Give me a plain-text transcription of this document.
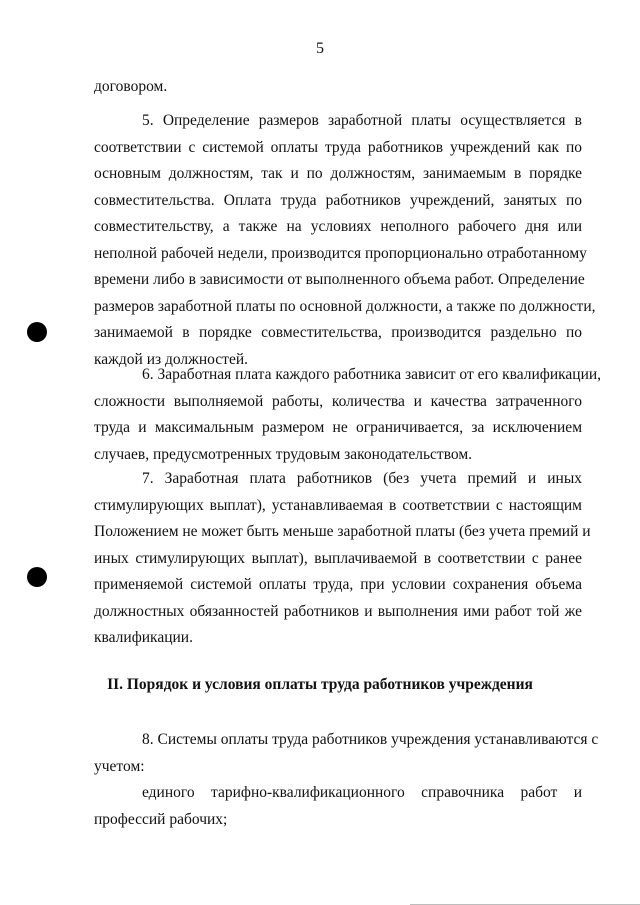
5
договором.
5. Определение размеров заработной платы осуществляется в
соответствии с системой оплаты труда работников учреждений как по
основным должностям, так и по должностям, занимаемым в порядке
совместительства. Оплата труда работников учреждений, занятых по
совместительству, а также на условиях неполного рабочего дня или
неполной рабочей недели, производится пропорционально отработанному
времени либо в зависимости от выполненного объема работ. Определение
размеров заработной платы по основной должности, а также по должности,
занимаемой в порядке совместительства, производится раздельно по
каждой из должностей.
6. Заработная плата каждого работника зависит от его квалификации,
сложности выполняемой работы, количества и качества затраченного
труда и максимальным размером не ограничивается, за исключением
случаев, предусмотренных трудовым законодательством.
7. Заработная плата работников (без учета премий и иных
стимулирующих выплат), устанавливаемая в соответствии с настоящим
Положением не может быть меньше заработной платы (без учета премий и
иных стимулирующих выплат), выплачиваемой в соответствии с ранее
применяемой системой оплаты труда, при условии сохранения объема
должностных обязанностей работников и выполнения ими работ той же
квалификации.
II. Порядок и условия оплаты труда работников учреждения
8. Системы оплаты труда работников учреждения устанавливаются с
учетом:
единого тарифно-квалификационного справочника работ и
профессий рабочих;
